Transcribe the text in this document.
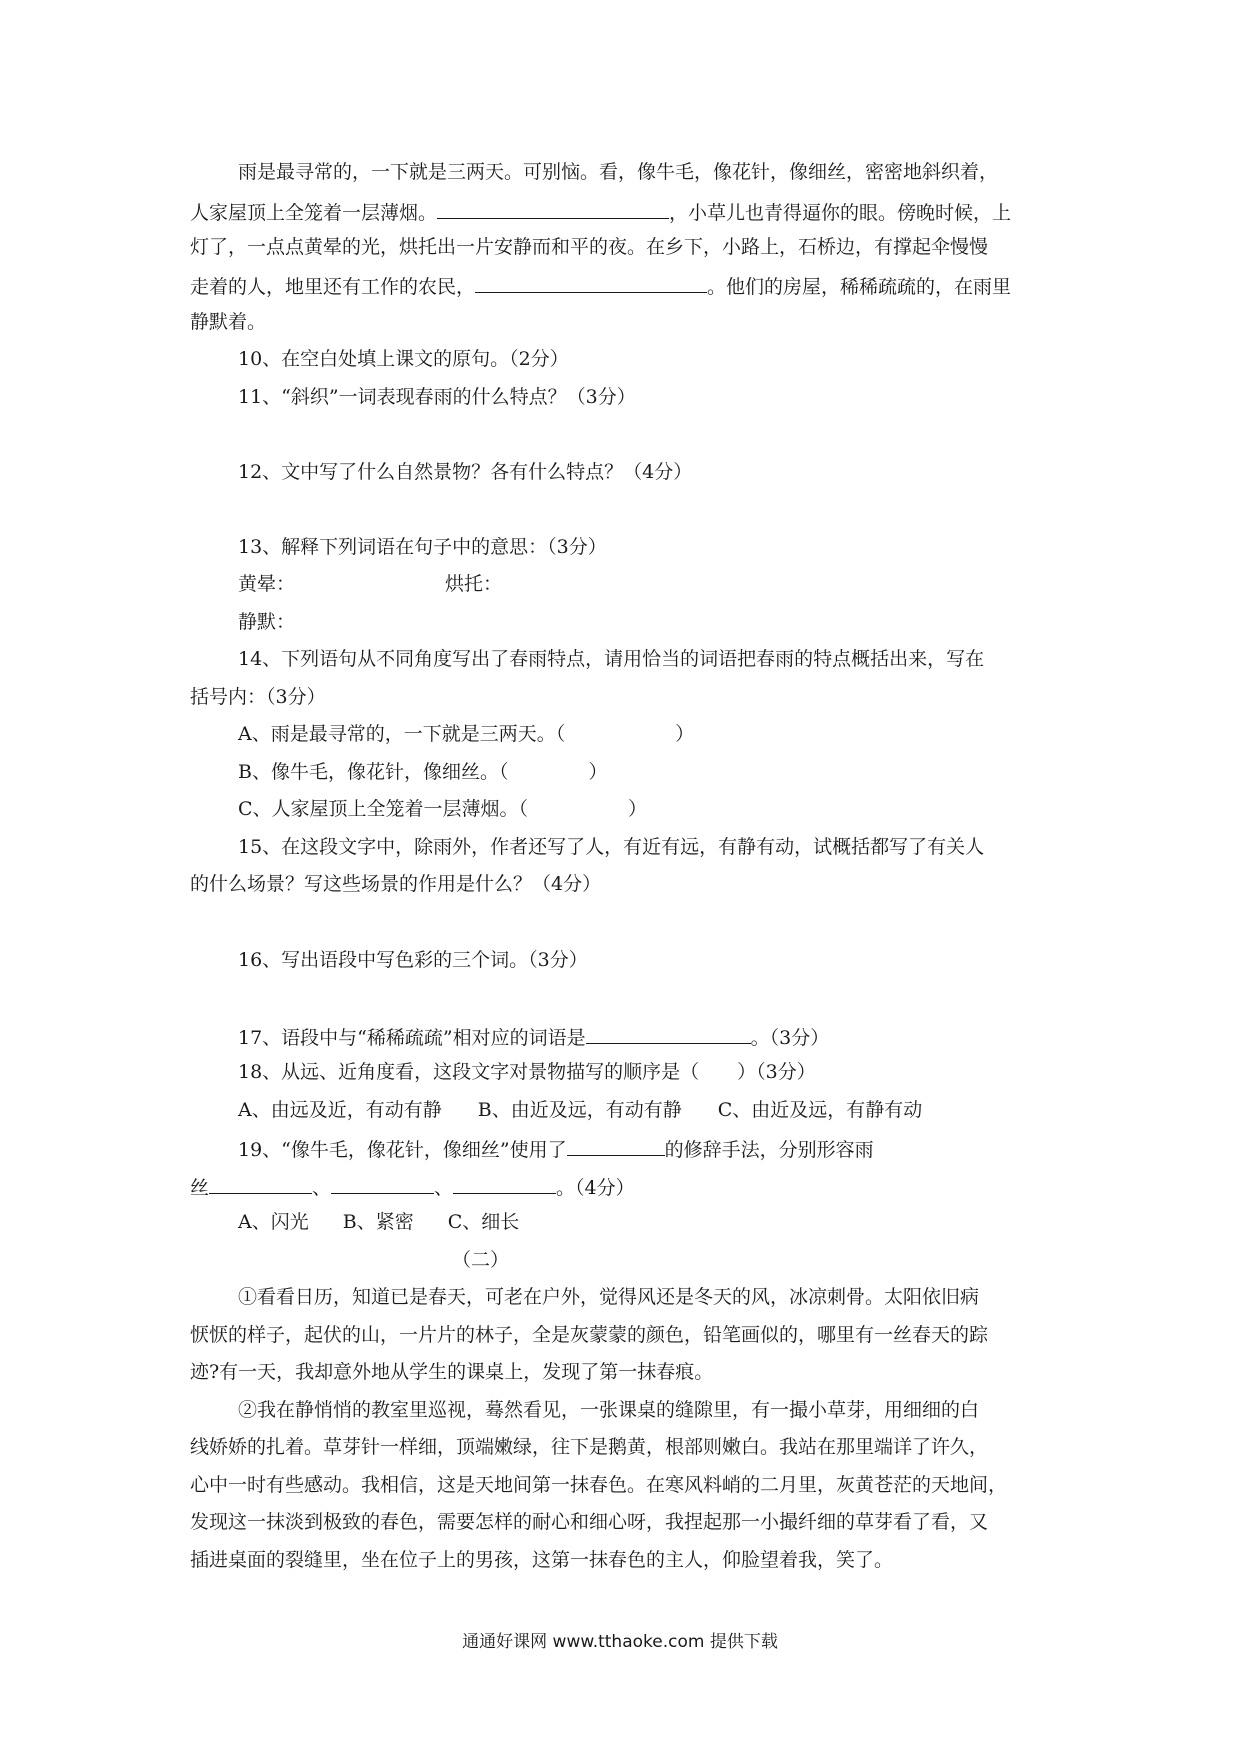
雨是最寻常的，一下就是三两天。可别恼。看，像牛毛，像花针，像细丝，密密地斜织着，
人家屋顶上全笼着一层薄烟。	，小草儿也青得逼你的眼。傍晚时候，上
灯了，一点点黄晕的光，烘托出一片安静而和平的夜。在乡下，小路上，石桥边，有撑起伞慢慢
走着的人，地里还有工作的农民，	。他们的房屋，稀稀疏疏的，在雨里
静默着。
10、在空白处填上课文的原句。（2分）
11、“斜织”一词表现春雨的什么特点？（3分）
12、文中写了什么自然景物？各有什么特点？（4分）
13、解释下列词语在句子中的意思：（3分）
黄晕：	烘托：
静默：
14、下列语句从不同角度写出了春雨特点，请用恰当的词语把春雨的特点概括出来，写在
括号内：（3分）
A、雨是最寻常的，一下就是三两天。（	）
B、像牛毛，像花针，像细丝。（	）
C、人家屋顶上全笼着一层薄烟。（	）
15、在这段文字中，除雨外，作者还写了人，有近有远，有静有动，试概括都写了有关人
的什么场景？写这些场景的作用是什么？（4分）
16、写出语段中写色彩的三个词。（3分）
17、语段中与“稀稀疏疏”相对应的词语是	。（3分）
18、从远、近角度看，这段文字对景物描写的顺序是（　　）（3分）
A、由远及近，有动有静 B、由近及远，有动有静 C、由近及远，有静有动
19、“像牛毛，像花针，像细丝”使用了	的修辞手法，分别形容雨
丝	、	、	。（4分）
A、闪光 B、紧密 C、细长
（二）
①看看日历，知道已是春天，可老在户外，觉得风还是冬天的风，冰凉刺骨。太阳依旧病
恹恹的样子，起伏的山，一片片的林子，全是灰蒙蒙的颜色，铅笔画似的，哪里有一丝春天的踪
迹?有一天，我却意外地从学生的课桌上，发现了第一抹春痕。
②我在静悄悄的教室里巡视，蓦然看见，一张课桌的缝隙里，有一撮小草芽，用细细的白
线娇娇的扎着。草芽针一样细，顶端嫩绿，往下是鹅黄，根部则嫩白。我站在那里端详了许久，
心中一时有些感动。我相信，这是天地间第一抹春色。在寒风料峭的二月里，灰黄苍茫的天地间，
发现这一抹淡到极致的春色，需要怎样的耐心和细心呀，我捏起那一小撮纤细的草芽看了看，又
插进桌面的裂缝里，坐在位子上的男孩，这第一抹春色的主人，仰脸望着我，笑了。
通通好课网 www.tthaoke.com 提供下载
